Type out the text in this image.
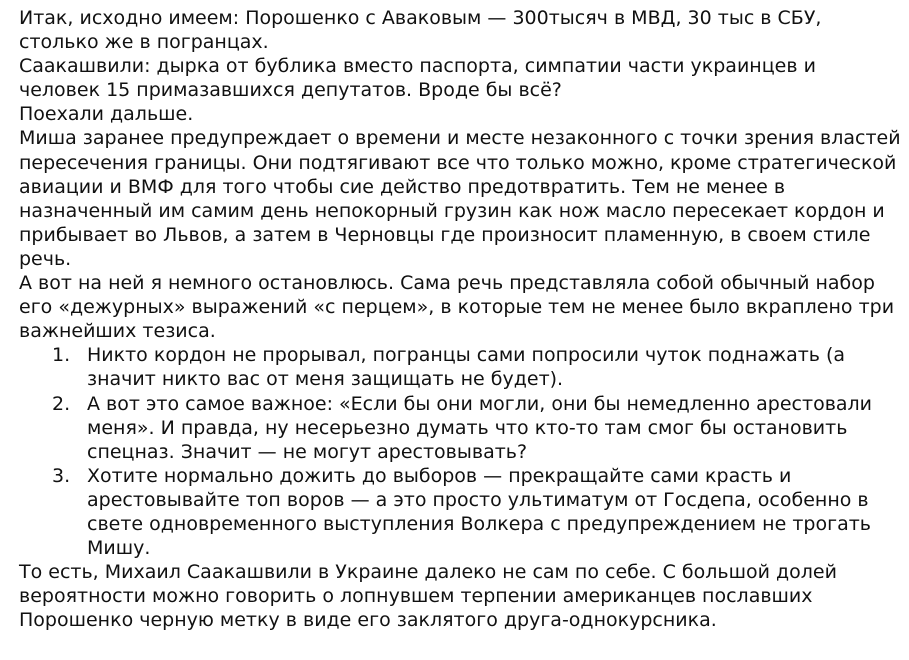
Итак, исходно имеем: Порошенко с Аваковым — 300тысяч в МВД, 30 тыс в СБУ, столько же в погранцах.

Саакашвили: дырка от бублика вместо паспорта, симпатии части украинцев и человек 15 примазавшихся депутатов. Вроде бы всё?

Поехали дальше.

Миша заранее предупреждает о времени и месте незаконного с точки зрения властей пересечения границы. Они подтягивают все что только можно, кроме стратегической авиации и ВМФ для того чтобы сие действо предотвратить. Тем не менее в назначенный им самим день непокорный грузин как нож масло пересекает кордон и прибывает во Львов, а затем в Черновцы где произносит пламенную, в своем стиле речь.

А вот на ней я немного остановлюсь. Сама речь представляла собой обычный набор его «дежурных» выражений «с перцем», в которые тем не менее было вкраплено три важнейших тезиса.

1. Никто кордон не прорывал, погранцы сами попросили чуток поднажать (а значит никто вас от меня защищать не будет).
2. А вот это самое важное: «Если бы они могли, они бы немедленно арестовали меня». И правда, ну несерьезно думать что кто-то там смог бы остановить спецназ. Значит — не могут арестовывать?
3. Хотите нормально дожить до выборов — прекращайте сами красть и арестовывайте топ воров — а это просто ультиматум от Госдепа, особенно в свете одновременного выступления Волкера с предупреждением не трогать Мишу.

То есть, Михаил Саакашвили в Украине далеко не сам по себе. С большой долей вероятности можно говорить о лопнувшем терпении американцев пославших Порошенко черную метку в виде его заклятого друга-однокурсника.
